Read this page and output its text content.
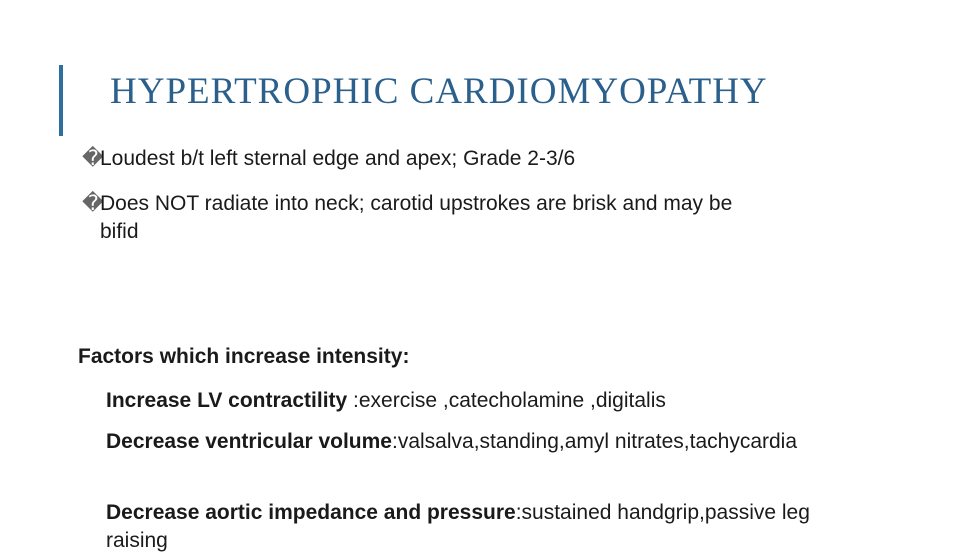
HYPERTROPHIC CARDIOMYOPATHY
�Loudest b/t left sternal edge and apex; Grade 2-3/6
�Does NOT radiate into neck; carotid upstrokes are brisk and may be
bifid
Factors which increase intensity:
Increase LV contractility :exercise ,catecholamine ,digitalis
Decrease ventricular volume:valsalva,standing,amyl nitrates,tachycardia
Decrease aortic impedance and pressure:sustained handgrip,passive leg raising
